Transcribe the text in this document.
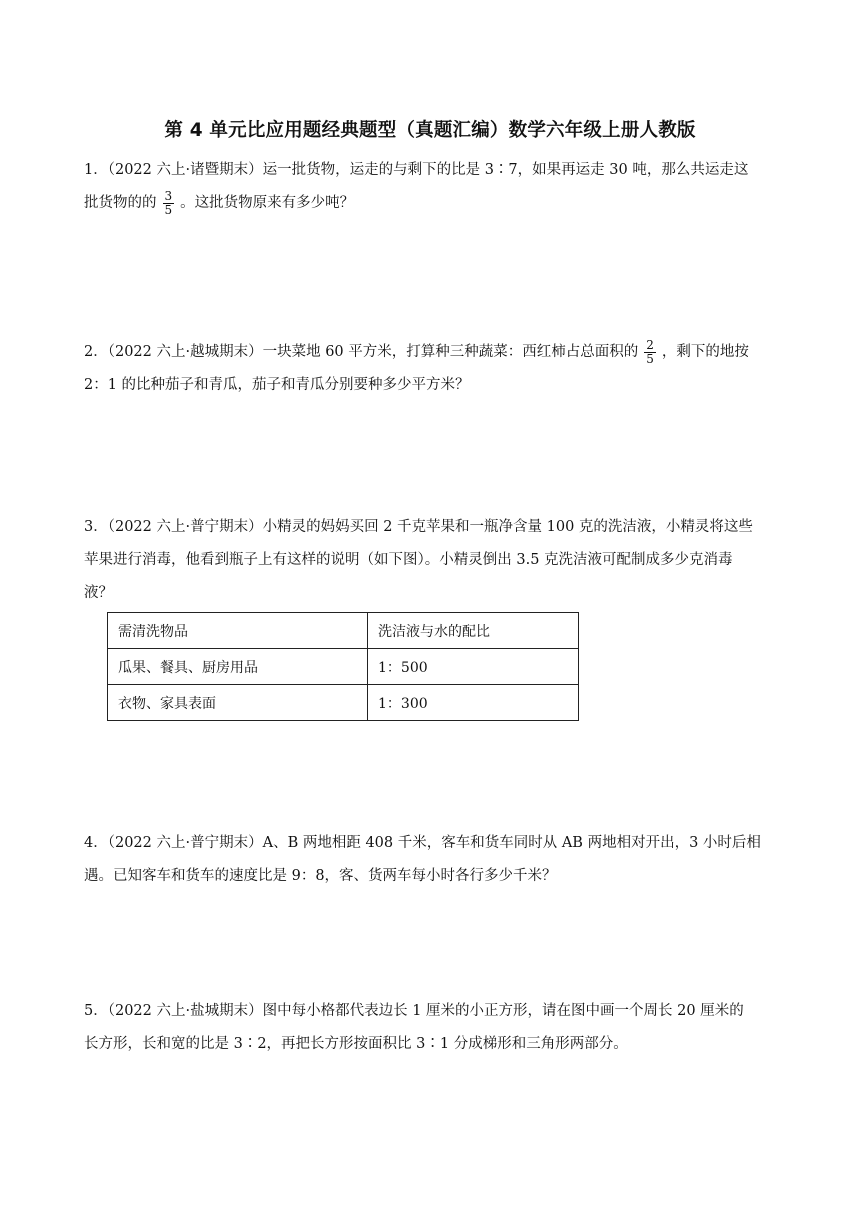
第 4 单元比应用题经典题型（真题汇编）数学六年级上册人教版

1．（2022 六上·诸暨期末）运一批货物，运走的与剩下的比是 3∶7，如果再运走 30 吨，那么共运走这

批货物的的 $\frac{3}{5}$ 。这批货物原来有多少吨？

2．（2022 六上·越城期末）一块菜地 60 平方米，打算种三种蔬菜：西红柿占总面积的 $\frac{2}{5}$ ，剩下的地按

2：1 的比种茄子和青瓜，茄子和青瓜分别要种多少平方米？

3．（2022 六上·普宁期末）小精灵的妈妈买回 2 千克苹果和一瓶净含量 100 克的洗洁液，小精灵将这些

苹果进行消毒，他看到瓶子上有这样的说明（如下图）。小精灵倒出 3.5 克洗洁液可配制成多少克消毒

液？

需清洗物品	洗洁液与水的配比
瓜果、餐具、厨房用品	1：500
衣物、家具表面	1：300

4．（2022 六上·普宁期末）A、B 两地相距 408 千米，客车和货车同时从 AB 两地相对开出，3 小时后相

遇。已知客车和货车的速度比是 9：8，客、货两车每小时各行多少千米？

5．（2022 六上·盐城期末）图中每小格都代表边长 1 厘米的小正方形，请在图中画一个周长 20 厘米的

长方形，长和宽的比是 3∶2，再把长方形按面积比 3∶1 分成梯形和三角形两部分。
